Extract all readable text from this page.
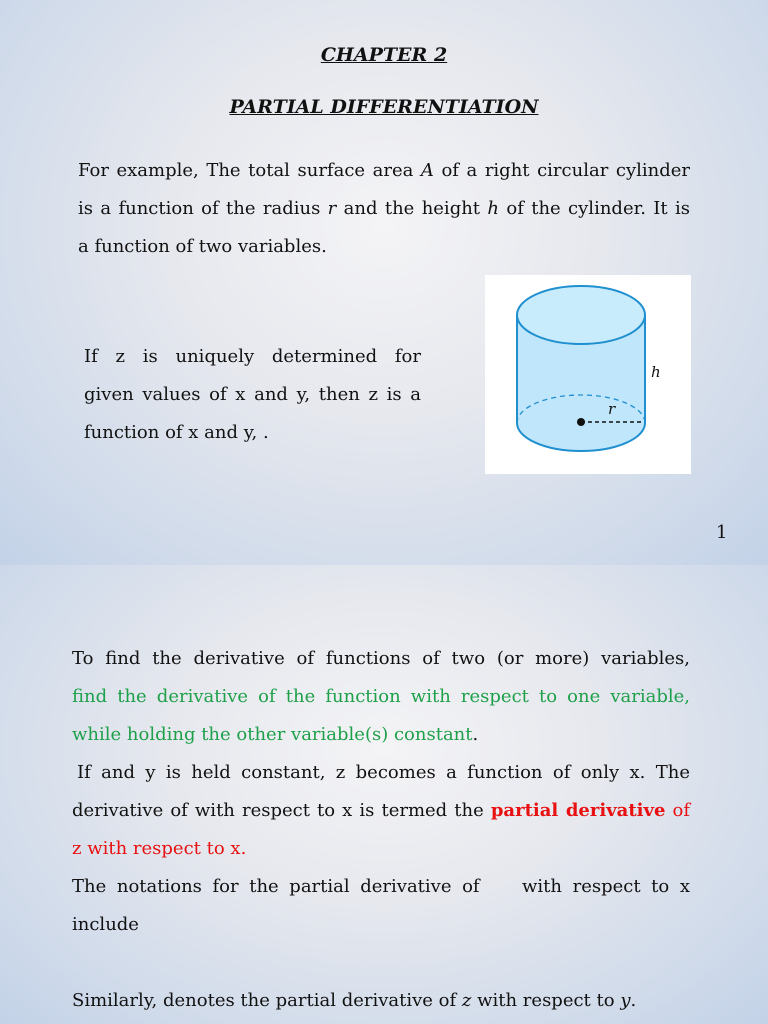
CHAPTER 2
PARTIAL DIFFERENTIATION

For example, The total surface area A of a right circular cylinder

is a function of the radius r and the height h of the cylinder. It is

a function of two variables.

If z is uniquely determined for

given values of x and y, then z is a

function of x and y, .

h
r
1

To find the derivative of functions of two (or more) variables,

find the derivative of the function with respect to one variable,

while holding the other variable(s) constant.

If and y is held constant, z becomes a function of only x. The

derivative of with respect to x is termed the partial derivative of

z with respect to x.

The notations for the partial derivative of    with respect to x

include

Similarly, denotes the partial derivative of z with respect to y.
